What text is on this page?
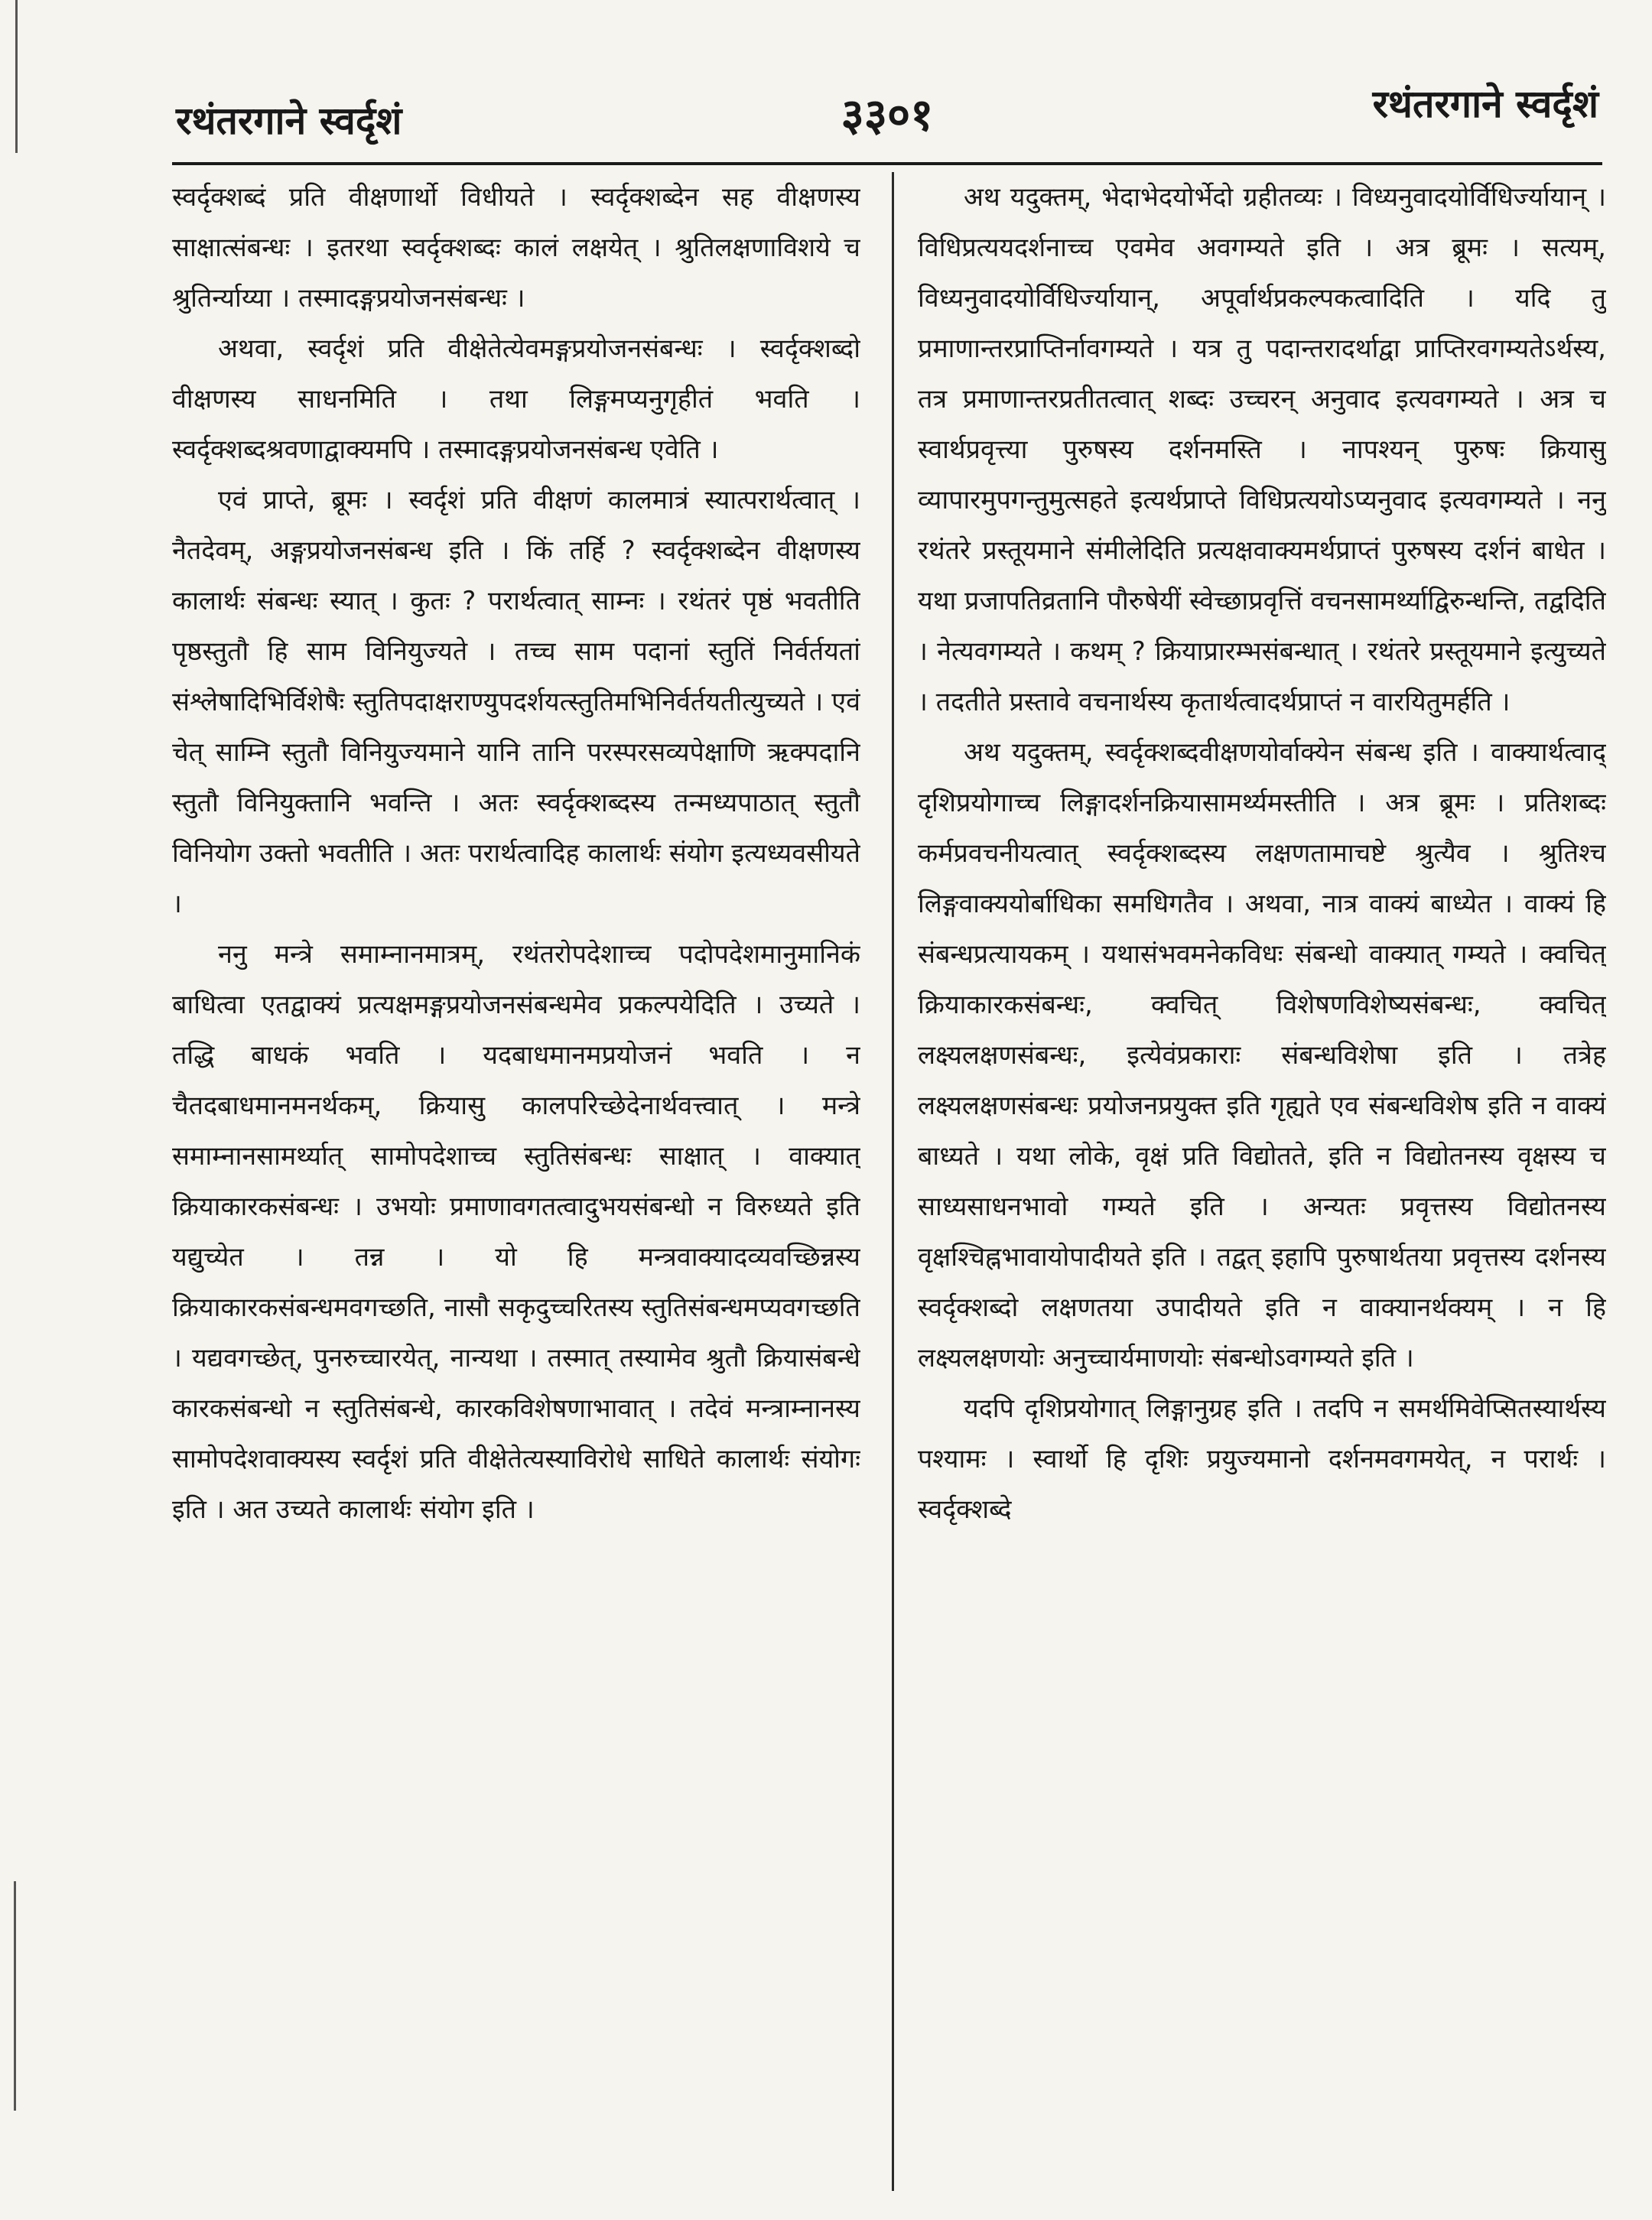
रथंतरगाने स्वर्दृशं	३३०१	रथंतरगाने स्वर्दृशं

स्वर्दृक्शब्दं प्रति वीक्षणार्थो विधीयते । स्वर्दृक्शब्देन सह वीक्षणस्य साक्षात्संबन्धः । इतरथा स्वर्दृक्शब्दः कालं लक्षयेत् । श्रुतिलक्षणाविशये च श्रुतिर्न्याय्या । तस्मादङ्गप्रयोजनसंबन्धः ।

अथवा, स्वर्दृशं प्रति वीक्षेतेत्येवमङ्गप्रयोजनसंबन्धः । स्वर्दृक्शब्दो वीक्षणस्य साधनमिति । तथा लिङ्गमप्यनुगृहीतं भवति । स्वर्दृक्शब्दश्रवणाद्वाक्यमपि । तस्मादङ्गप्रयोजनसंबन्ध एवेति ।

एवं प्राप्ते, ब्रूमः । स्वर्दृशं प्रति वीक्षणं कालमात्रं स्यात्परार्थत्वात् । नैतदेवम्, अङ्गप्रयोजनसंबन्ध इति । किं तर्हि ? स्वर्दृक्शब्देन वीक्षणस्य कालार्थः संबन्धः स्यात् । कुतः ? परार्थत्वात् साम्नः । रथंतरं पृष्ठं भवतीति पृष्ठस्तुतौ हि साम विनियुज्यते । तच्च साम पदानां स्तुतिं निर्वर्तयतां संश्लेषादिभिर्विशेषैः स्तुतिपदाक्षराण्युपदर्शयत्स्तुतिमभिनिर्वर्तयतीत्युच्यते । एवं चेत् साम्नि स्तुतौ विनियुज्यमाने यानि तानि परस्परसव्यपेक्षाणि ऋक्पदानि स्तुतौ विनियुक्तानि भवन्ति । अतः स्वर्दृक्शब्दस्य तन्मध्यपाठात् स्तुतौ विनियोग उक्तो भवतीति । अतः परार्थत्वादिह कालार्थः संयोग इत्यध्यवसीयते ।

ननु मन्त्रे समाम्नानमात्रम्, रथंतरोपदेशाच्च पदोपदेशमानुमानिकं बाधित्वा एतद्वाक्यं प्रत्यक्षमङ्गप्रयोजनसंबन्धमेव प्रकल्पयेदिति । उच्यते । तद्धि बाधकं भवति । यदबाधमानमप्रयोजनं भवति । न चैतदबाधमानमनर्थकम्, क्रियासु कालपरिच्छेदेनार्थवत्त्वात् । मन्त्रे समाम्नानसामर्थ्यात् सामोपदेशाच्च स्तुतिसंबन्धः साक्षात् । वाक्यात् क्रियाकारकसंबन्धः । उभयोः प्रमाणावगतत्वादुभयसंबन्धो न विरुध्यते इति यद्युच्येत । तन्न । यो हि मन्त्रवाक्यादव्यवच्छिन्नस्य क्रियाकारकसंबन्धमवगच्छति, नासौ सकृदुच्चरितस्य स्तुतिसंबन्धमप्यवगच्छति । यद्यवगच्छेत्, पुनरुच्चारयेत्, नान्यथा । तस्मात् तस्यामेव श्रुतौ क्रियासंबन्धे कारकसंबन्धो न स्तुतिसंबन्धे, कारकविशेषणाभावात् । तदेवं मन्त्राम्नानस्य सामोपदेशवाक्यस्य स्वर्दृशं प्रति वीक्षेतेत्यस्याविरोधे साधिते कालार्थः संयोगः इति । अत उच्यते कालार्थः संयोग इति ।

अथ यदुक्तम्, भेदाभेदयोर्भेदो ग्रहीतव्यः । विध्यनुवादयोर्विधिर्ज्यायान् । विधिप्रत्ययदर्शनाच्च एवमेव अवगम्यते इति । अत्र ब्रूमः । सत्यम्, विध्यनुवादयोर्विधिर्ज्यायान्, अपूर्वार्थप्रकल्पकत्वादिति । यदि तु प्रमाणान्तरप्राप्तिर्नावगम्यते । यत्र तु पदान्तरादर्थाद्वा प्राप्तिरवगम्यतेऽर्थस्य, तत्र प्रमाणान्तरप्रतीतत्वात् शब्दः उच्चरन् अनुवाद इत्यवगम्यते । अत्र च स्वार्थप्रवृत्त्या पुरुषस्य दर्शनमस्ति । नापश्यन् पुरुषः क्रियासु व्यापारमुपगन्तुमुत्सहते इत्यर्थप्राप्ते विधिप्रत्ययोऽप्यनुवाद इत्यवगम्यते । ननु रथंतरे प्रस्तूयमाने संमीलेदिति प्रत्यक्षवाक्यमर्थप्राप्तं पुरुषस्य दर्शनं बाधेत । यथा प्रजापतिव्रतानि पौरुषेयीं स्वेच्छाप्रवृत्तिं वचनसामर्थ्याद्विरुन्धन्ति, तद्वदिति । नेत्यवगम्यते । कथम् ? क्रियाप्रारम्भसंबन्धात् । रथंतरे प्रस्तूयमाने इत्युच्यते । तदतीते प्रस्तावे वचनार्थस्य कृतार्थत्वादर्थप्राप्तं न वारयितुमर्हति ।

अथ यदुक्तम्, स्वर्दृक्शब्दवीक्षणयोर्वाक्येन संबन्ध इति । वाक्यार्थत्वाद् दृशिप्रयोगाच्च लिङ्गादर्शनक्रियासामर्थ्यमस्तीति । अत्र ब्रूमः । प्रतिशब्दः कर्मप्रवचनीयत्वात् स्वर्दृक्शब्दस्य लक्षणतामाचष्टे श्रुत्यैव । श्रुतिश्च लिङ्गवाक्ययोर्बाधिका समधिगतैव । अथवा, नात्र वाक्यं बाध्येत । वाक्यं हि संबन्धप्रत्यायकम् । यथासंभवमनेकविधः संबन्धो वाक्यात् गम्यते । क्वचित् क्रियाकारकसंबन्धः, क्वचित् विशेषणविशेष्यसंबन्धः, क्वचित् लक्ष्यलक्षणसंबन्धः, इत्येवंप्रकाराः संबन्धविशेषा इति । तत्रेह लक्ष्यलक्षणसंबन्धः प्रयोजनप्रयुक्त इति गृह्यते एव संबन्धविशेष इति न वाक्यं बाध्यते । यथा लोके, वृक्षं प्रति विद्योतते, इति न विद्योतनस्य वृक्षस्य च साध्यसाधनभावो गम्यते इति । अन्यतः प्रवृत्तस्य विद्योतनस्य वृक्षश्चिह्नभावायोपादीयते इति । तद्वत् इहापि पुरुषार्थतया प्रवृत्तस्य दर्शनस्य स्वर्दृक्शब्दो लक्षणतया उपादीयते इति न वाक्यानर्थक्यम् । न हि लक्ष्यलक्षणयोः अनुच्चार्यमाणयोः संबन्धोऽवगम्यते इति ।

यदपि दृशिप्रयोगात् लिङ्गानुग्रह इति । तदपि न समर्थमिवेप्सितस्यार्थस्य पश्यामः । स्वार्थो हि दृशिः प्रयुज्यमानो दर्शनमवगमयेत्, न परार्थः । स्वर्दृक्शब्दे
